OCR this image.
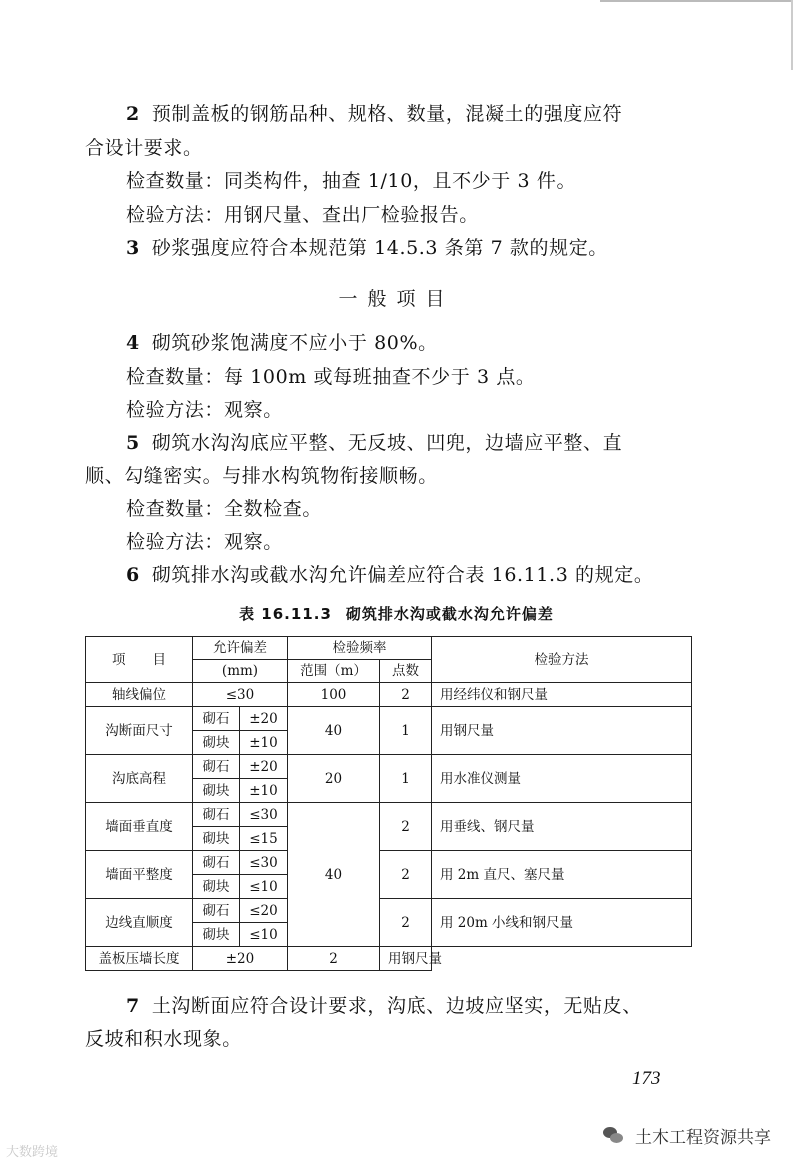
2 预制盖板的钢筋品种、规格、数量，混凝土的强度应符
合设计要求。
检查数量：同类构件，抽查 1/10，且不少于 3 件。
检验方法：用钢尺量、查出厂检验报告。
3 砂浆强度应符合本规范第 14.5.3 条第 7 款的规定。
一般项目
4 砌筑砂浆饱满度不应小于 80%。
检查数量：每 100m 或每班抽查不少于 3 点。
检验方法：观察。
5 砌筑水沟沟底应平整、无反坡、凹兜，边墙应平整、直
顺、勾缝密实。与排水构筑物衔接顺畅。
检查数量：全数检查。
检验方法：观察。
6 砌筑排水沟或截水沟允许偏差应符合表 16.11.3 的规定。
表 16.11.3 砌筑排水沟或截水沟允许偏差
项　　目	允许偏差		检验频率		检验方法
	(mm)		范围（m）	点数	
轴线偏位	≤30		100	2	用经纬仪和钢尺量
沟断面尺寸	砌石	±20	40	1	用钢尺量
	砌块	±10			
沟底高程	砌石	±20	20	1	用水准仪测量
	砌块	±10			
墙面垂直度	砌石	≤30	40	2	用垂线、钢尺量
	砌块	≤15			
墙面平整度	砌石	≤30		2	用 2m 直尺、塞尺量
	砌块	≤10			
边线直顺度	砌石	≤20		2	用 20m 小线和钢尺量
	砌块	≤10			
盖板压墙长度	±20		2	用钢尺量	
7 土沟断面应符合设计要求，沟底、边坡应坚实，无贴皮、
反坡和积水现象。
173
大数跨境
土木工程资源共享
